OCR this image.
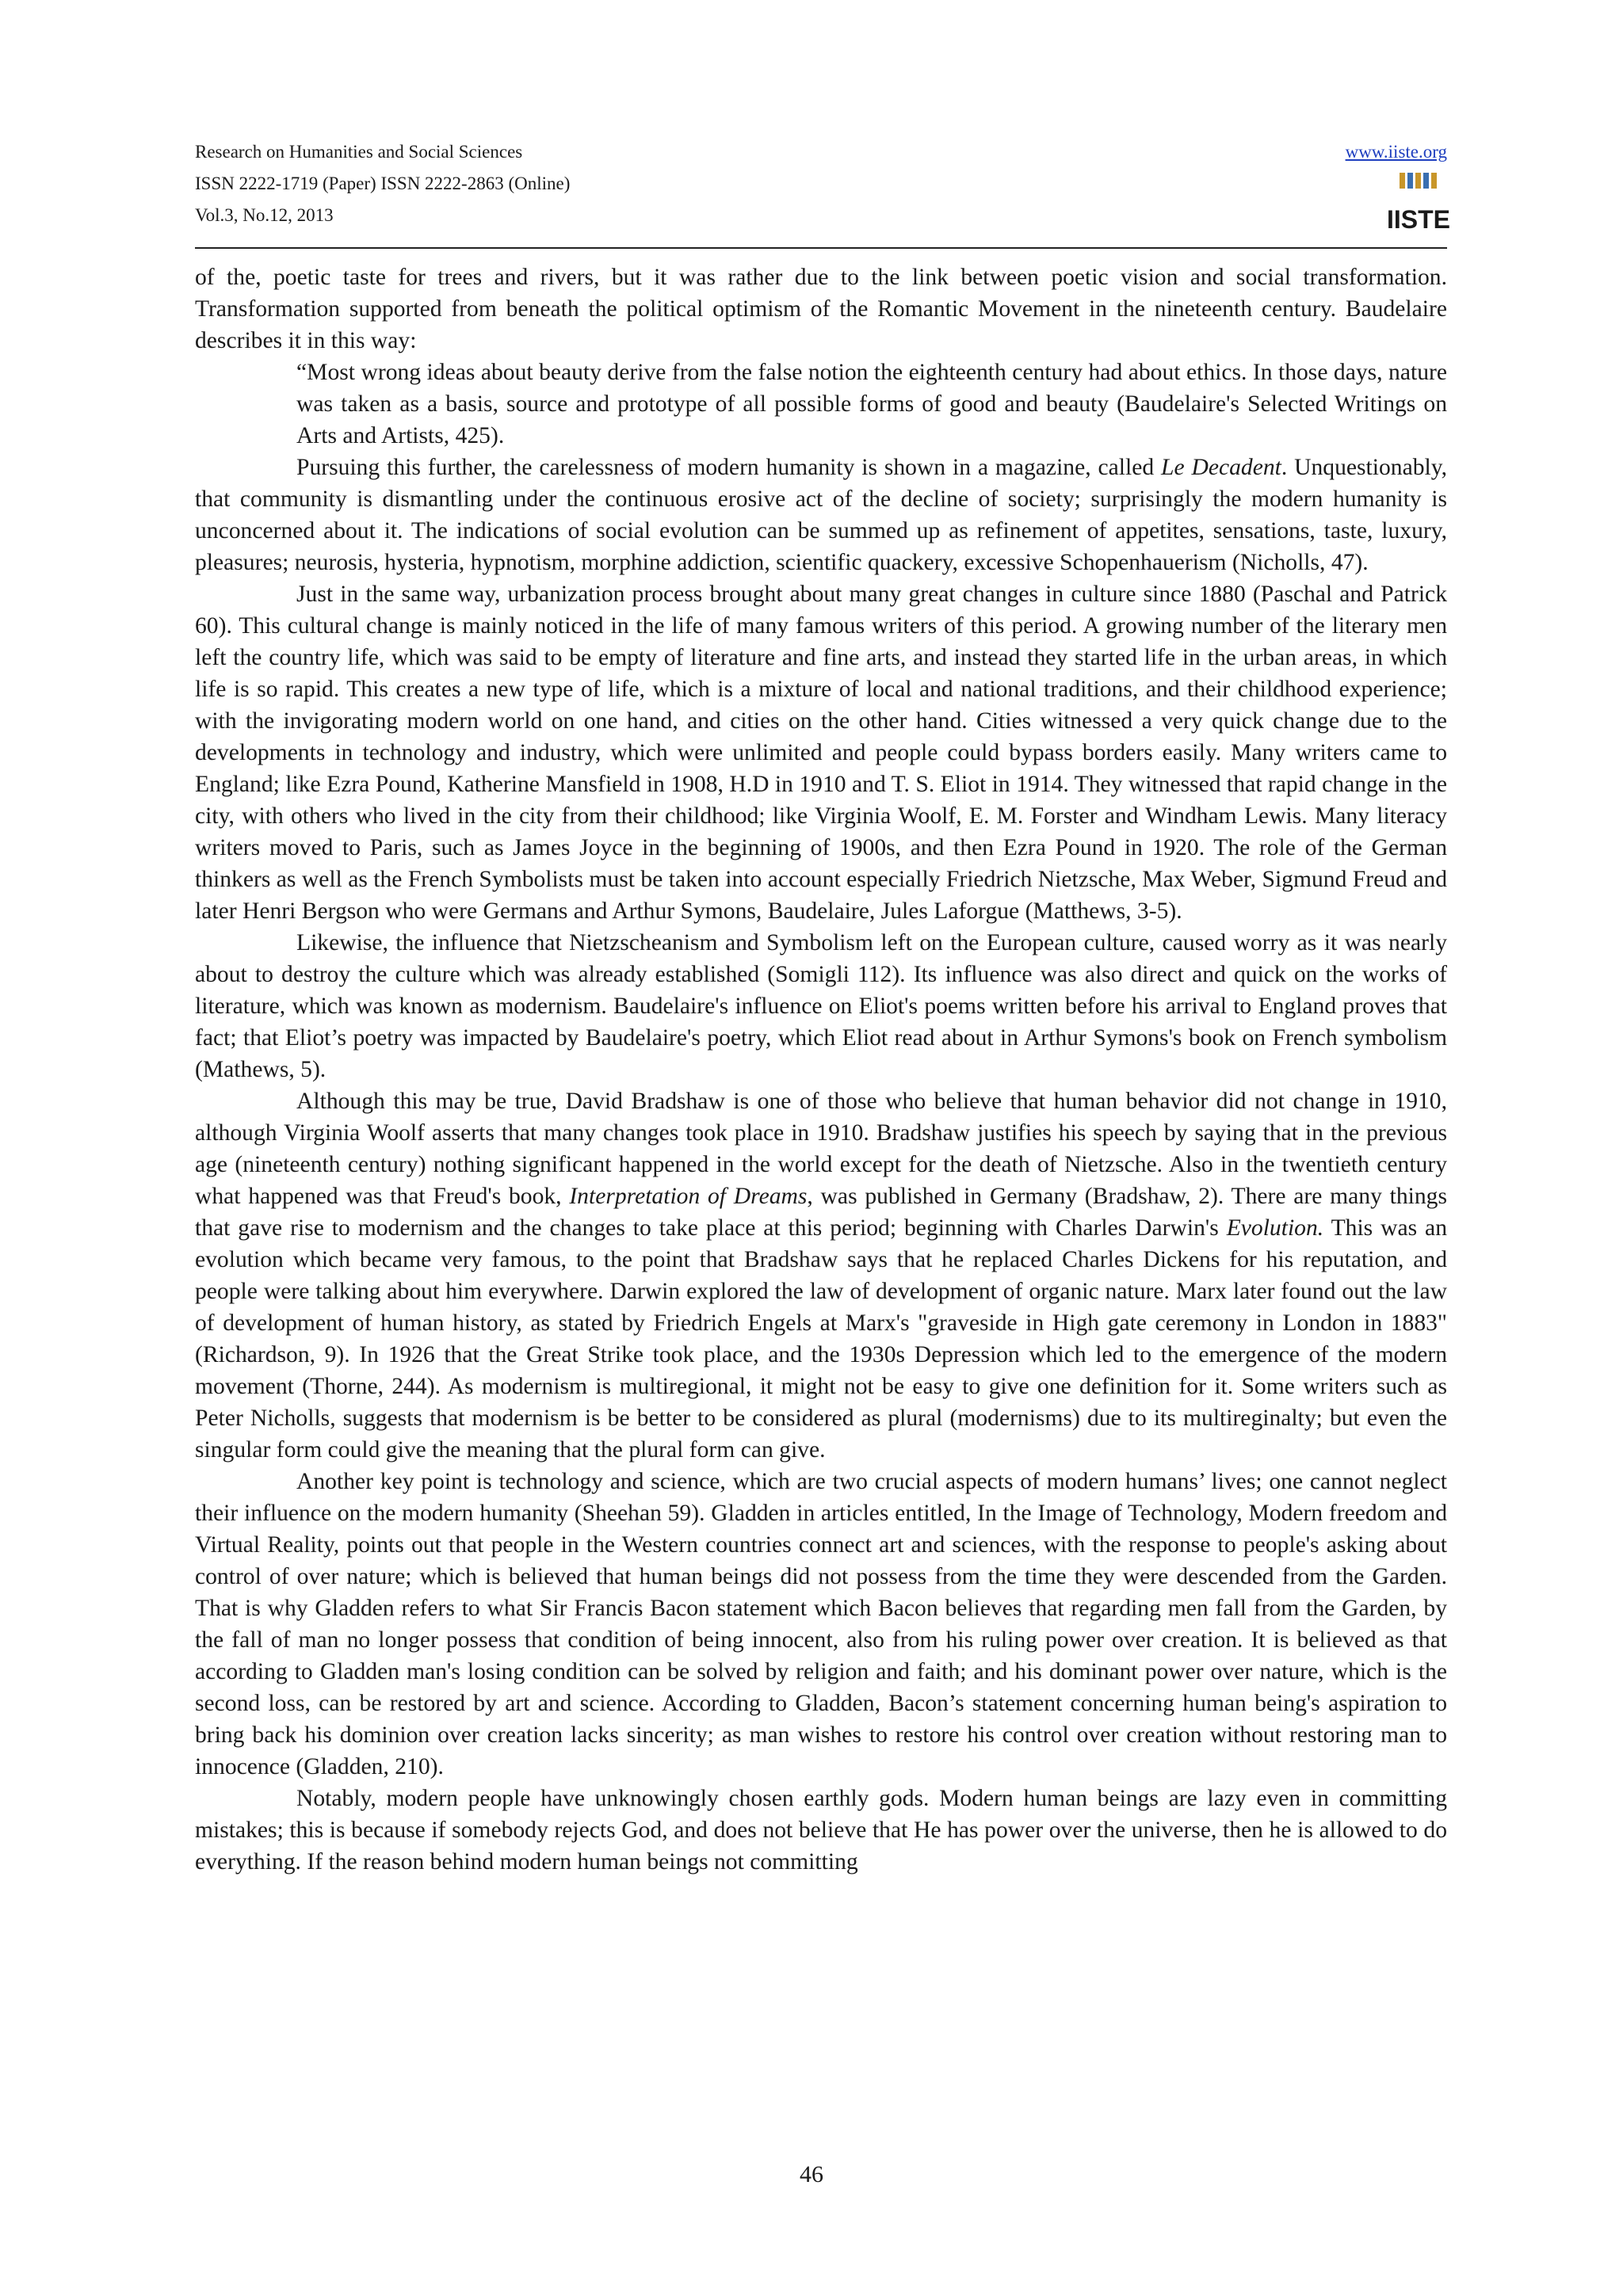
Research on Humanities and Social Sciences
ISSN 2222-1719 (Paper) ISSN 2222-2863 (Online)
Vol.3, No.12, 2013
www.iiste.org
IISTE

of the, poetic taste for trees and rivers, but it was rather due to the link between poetic vision and social transformation. Transformation supported from beneath the political optimism of the Romantic Movement in the nineteenth century. Baudelaire describes it in this way:

“Most wrong ideas about beauty derive from the false notion the eighteenth century had about ethics. In those days, nature was taken as a basis, source and prototype of all possible forms of good and beauty (Baudelaire's Selected Writings on Arts and Artists, 425).

Pursuing this further, the carelessness of modern humanity is shown in a magazine, called Le Decadent. Unquestionably, that community is dismantling under the continuous erosive act of the decline of society; surprisingly the modern humanity is unconcerned about it. The indications of social evolution can be summed up as refinement of appetites, sensations, taste, luxury, pleasures; neurosis, hysteria, hypnotism, morphine addiction, scientific quackery, excessive Schopenhauerism (Nicholls, 47).

Just in the same way, urbanization process brought about many great changes in culture since 1880 (Paschal and Patrick 60). This cultural change is mainly noticed in the life of many famous writers of this period. A growing number of the literary men left the country life, which was said to be empty of literature and fine arts, and instead they started life in the urban areas, in which life is so rapid. This creates a new type of life, which is a mixture of local and national traditions, and their childhood experience; with the invigorating modern world on one hand, and cities on the other hand. Cities witnessed a very quick change due to the developments in technology and industry, which were unlimited and people could bypass borders easily. Many writers came to England; like Ezra Pound, Katherine Mansfield in 1908, H.D in 1910 and T. S. Eliot in 1914. They witnessed that rapid change in the city, with others who lived in the city from their childhood; like Virginia Woolf, E. M. Forster and Windham Lewis. Many literacy writers moved to Paris, such as James Joyce in the beginning of 1900s, and then Ezra Pound in 1920. The role of the German thinkers as well as the French Symbolists must be taken into account especially Friedrich Nietzsche, Max Weber, Sigmund Freud and later Henri Bergson who were Germans and Arthur Symons, Baudelaire, Jules Laforgue (Matthews, 3-5).

Likewise, the influence that Nietzscheanism and Symbolism left on the European culture, caused worry as it was nearly about to destroy the culture which was already established (Somigli 112). Its influence was also direct and quick on the works of literature, which was known as modernism. Baudelaire's influence on Eliot's poems written before his arrival to England proves that fact; that Eliot’s poetry was impacted by Baudelaire's poetry, which Eliot read about in Arthur Symons's book on French symbolism (Mathews, 5).

Although this may be true, David Bradshaw is one of those who believe that human behavior did not change in 1910, although Virginia Woolf asserts that many changes took place in 1910. Bradshaw justifies his speech by saying that in the previous age (nineteenth century) nothing significant happened in the world except for the death of Nietzsche. Also in the twentieth century what happened was that Freud's book, Interpretation of Dreams, was published in Germany (Bradshaw, 2). There are many things that gave rise to modernism and the changes to take place at this period; beginning with Charles Darwin's Evolution. This was an evolution which became very famous, to the point that Bradshaw says that he replaced Charles Dickens for his reputation, and people were talking about him everywhere. Darwin explored the law of development of organic nature. Marx later found out the law of development of human history, as stated by Friedrich Engels at Marx's "graveside in High gate ceremony in London in 1883" (Richardson, 9). In 1926 that the Great Strike took place, and the 1930s Depression which led to the emergence of the modern movement (Thorne, 244). As modernism is multiregional, it might not be easy to give one definition for it. Some writers such as Peter Nicholls, suggests that modernism is be better to be considered as plural (modernisms) due to its multireginalty; but even the singular form could give the meaning that the plural form can give.

Another key point is technology and science, which are two crucial aspects of modern humans’ lives; one cannot neglect their influence on the modern humanity (Sheehan 59). Gladden in articles entitled, In the Image of Technology, Modern freedom and Virtual Reality, points out that people in the Western countries connect art and sciences, with the response to people's asking about control of over nature; which is believed that human beings did not possess from the time they were descended from the Garden. That is why Gladden refers to what Sir Francis Bacon statement which Bacon believes that regarding men fall from the Garden, by the fall of man no longer possess that condition of being innocent, also from his ruling power over creation. It is believed as that according to Gladden man's losing condition can be solved by religion and faith; and his dominant power over nature, which is the second loss, can be restored by art and science. According to Gladden, Bacon’s statement concerning human being's aspiration to bring back his dominion over creation lacks sincerity; as man wishes to restore his control over creation without restoring man to innocence (Gladden, 210).

Notably, modern people have unknowingly chosen earthly gods. Modern human beings are lazy even in committing mistakes; this is because if somebody rejects God, and does not believe that He has power over the universe, then he is allowed to do everything. If the reason behind modern human beings not committing

46
